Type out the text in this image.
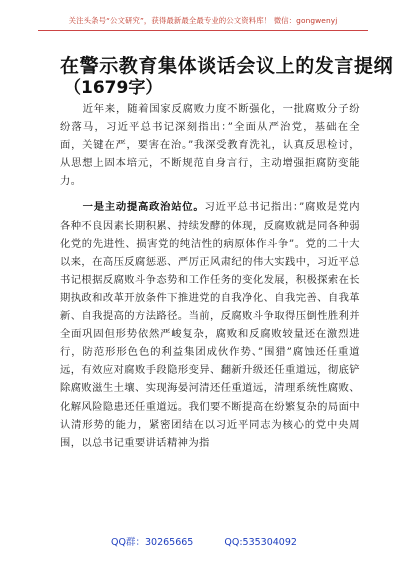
关注头条号“公文研究”，获得最新最全最专业的公文资料库！ 微信：gongwenyj
在警示教育集体谈话会议上的发言提纲
（1679字）

近年来，随着国家反腐败力度不断强化，一批腐败分子纷纷落马，习近平总书记深刻指出：”全面从严治党，基础在全面，关键在严，要害在治。”我深受教育洗礼，认真反思检讨，从思想上固本培元，不断规范自身言行，主动增强拒腐防变能力。

一是主动提高政治站位。习近平总书记指出：”腐败是党内各种不良因素长期积累、持续发酵的体现，反腐败就是同各种弱化党的先进性、损害党的纯洁性的病原体作斗争”。党的二十大以来，在高压反腐惩恶、严厉正风肃纪的伟大实践中，习近平总书记根据反腐败斗争态势和工作任务的变化发展，积极探索在长期执政和改革开放条件下推进党的自我净化、自我完善、自我革新、自我提高的方法路径。当前，反腐败斗争取得压倒性胜利并全面巩固但形势依然严峻复杂，腐败和反腐败较量还在激烈进行，防范形形色色的利益集团成伙作势、”围猎”腐蚀还任重道远，有效应对腐败手段隐形变异、翻新升级还任重道远，彻底铲除腐败滋生土壤、实现海晏河清还任重道远，清理系统性腐败、化解风险隐患还任重道远。我们要不断提高在纷繁复杂的局面中认清形势的能力，紧密团结在以习近平同志为核心的党中央周围，以总书记重要讲话精神为指

QQ群：30265665	QQ:535304092
